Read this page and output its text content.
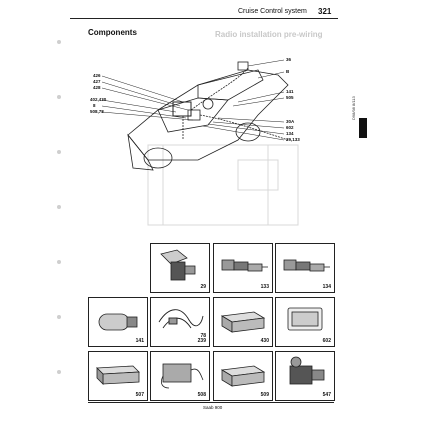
Cruise Control system 321
Components	Radio installation pre-wiring
D98/98 8/113
426
427
428
402,430
8
508,78
36
B
141
505
30A
602
134
29,133
29	133	134
141
78
239	430	602
507	508	509	547
Saab 900
